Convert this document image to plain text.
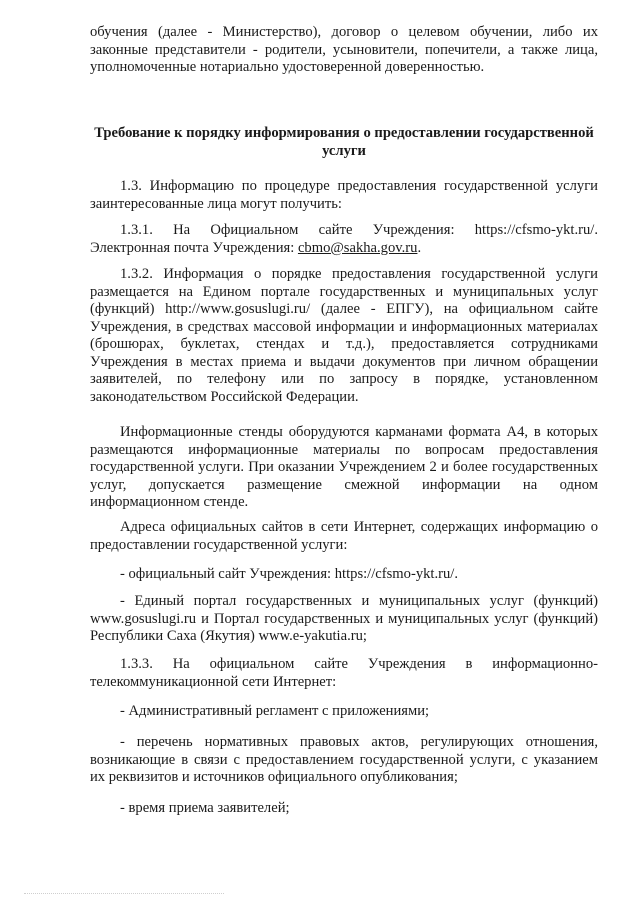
обучения (далее - Министерство), договор о целевом обучении, либо их законные представители - родители, усыновители, попечители, а также лица, уполномоченные нотариально удостоверенной доверенностью.

Требование к порядку информирования о предоставлении государственной услуги

1.3. Информацию по процедуре предоставления государственной услуги заинтересованные лица могут получить:

1.3.1. На Официальном сайте Учреждения: https://cfsmo-ykt.ru/. Электронная почта Учреждения: cbmo@sakha.gov.ru.

1.3.2. Информация о порядке предоставления государственной услуги размещается на Едином портале государственных и муниципальных услуг (функций) http://www.gosuslugi.ru/ (далее - ЕПГУ), на официальном сайте Учреждения, в средствах массовой информации и информационных материалах (брошюрах, буклетах, стендах и т.д.), предоставляется сотрудниками Учреждения в местах приема и выдачи документов при личном обращении заявителей, по телефону или по запросу в порядке, установленном законодательством Российской Федерации.

Информационные стенды оборудуются карманами формата А4, в которых размещаются информационные материалы по вопросам предоставления государственной услуги. При оказании Учреждением 2 и более государственных услуг, допускается размещение смежной информации на одном информационном стенде.

Адреса официальных сайтов в сети Интернет, содержащих информацию о предоставлении государственной услуги:

- официальный сайт Учреждения: https://cfsmo-ykt.ru/.

- Единый портал государственных и муниципальных услуг (функций) www.gosuslugi.ru и Портал государственных и муниципальных услуг (функций) Республики Саха (Якутия) www.e-yakutia.ru;

1.3.3. На официальном сайте Учреждения в информационно-телекоммуникационной сети Интернет:

- Административный регламент с приложениями;

- перечень нормативных правовых актов, регулирующих отношения, возникающие в связи с предоставлением государственной услуги, с указанием их реквизитов и источников официального опубликования;

- время приема заявителей;
